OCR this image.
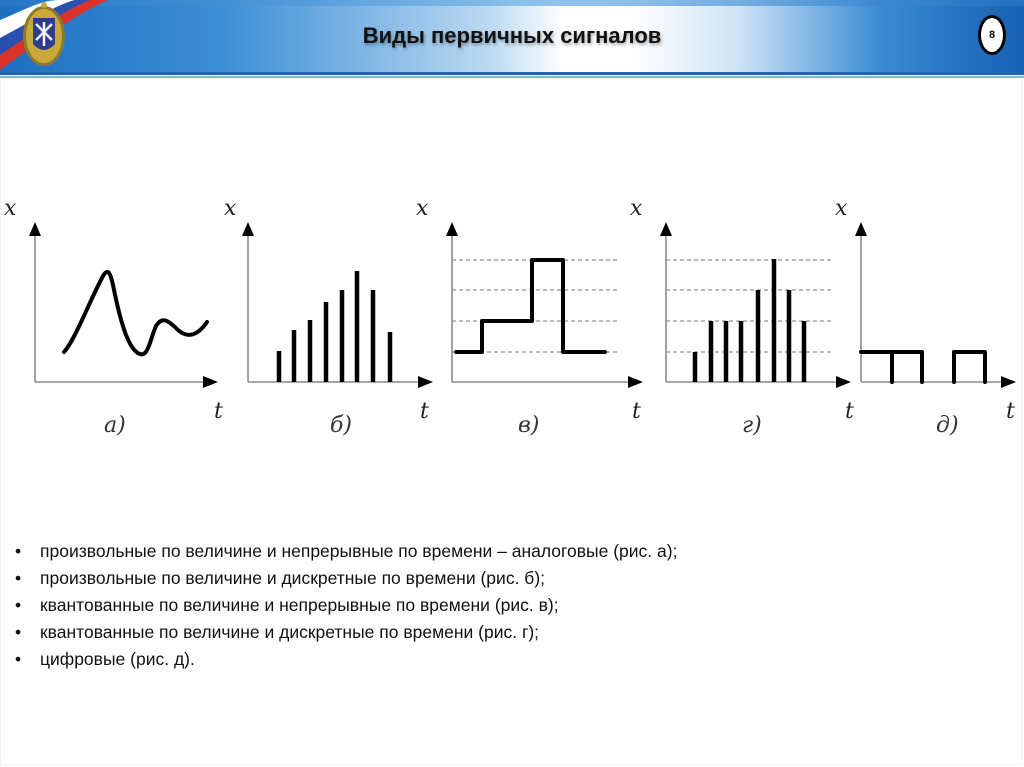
Виды первичных сигналов	8
x
t
а)
x
t
б)
x
t
в)
x
г)
x
t	t
д)
• произвольные по величине и непрерывные по времени – аналоговые (рис. а);
• произвольные по величине и дискретные по времени (рис. б);
• квантованные по величине и непрерывные по времени (рис. в);
• квантованные по величине и дискретные по времени (рис. г);
• цифровые (рис. д).
